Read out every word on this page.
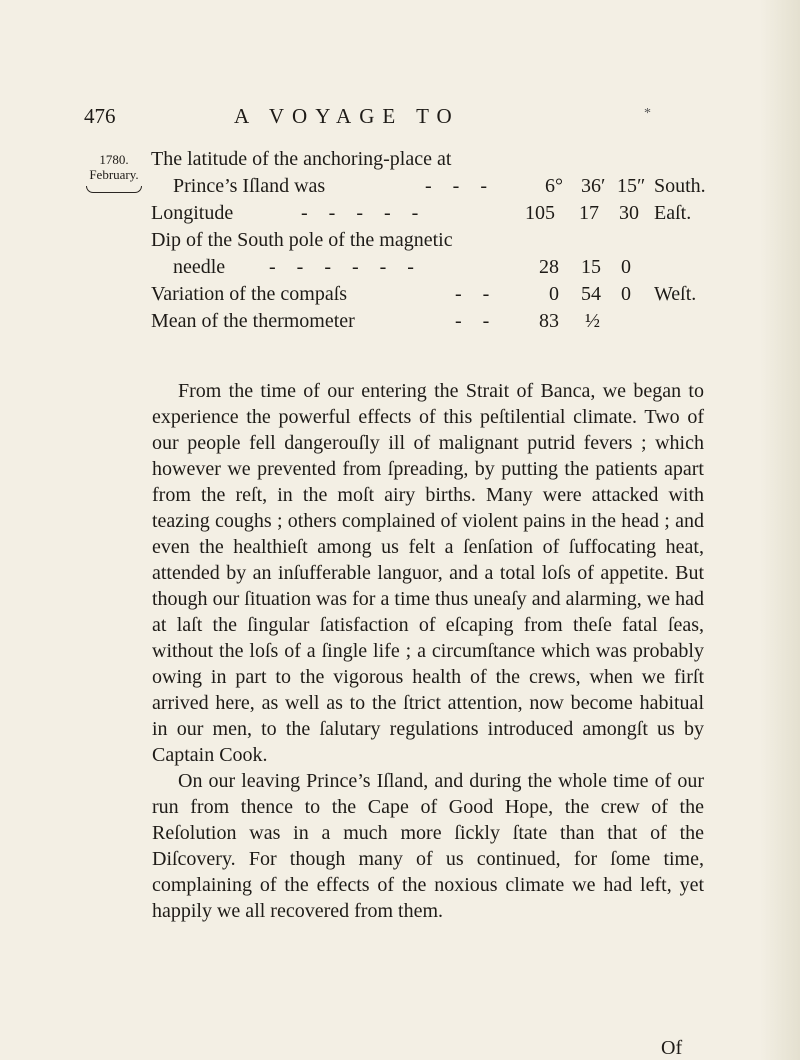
476	A VOYAGE TO	*
1780.
February.
The latitude of the anchoring-place at
Prince’s Iſland was	- - -	6° 36′ 15″ South.
Longitude	- - - - -	105 17 30 Eaſt.
Dip of the South pole of the magnetic
needle - - - - - -	28 15 0
Variation of the compaſs	- -	0 54 0 Weſt.
Mean of the thermometer	- - 83 ½

From the time of our entering the Strait of Banca, we began to experience the powerful effects of this peſtilential climate. Two of our people fell dangerouſly ill of malignant putrid fevers ; which however we prevented from ſpreading, by putting the patients apart from the reſt, in the moſt airy births. Many were attacked with teazing coughs ; others complained of violent pains in the head ; and even the healthieſt among us felt a ſenſation of ſuffocating heat, attended by an inſufferable languor, and a total loſs of appetite. But though our ſituation was for a time thus uneaſy and alarming, we had at laſt the ſingular ſatisfaction of eſcaping from theſe fatal ſeas, without the loſs of a ſingle life ; a circumſtance which was probably owing in part to the vigorous health of the crews, when we firſt arrived here, as well as to the ſtrict attention, now become habitual in our men, to the ſalutary regulations introduced amongſt us by Captain Cook.

On our leaving Prince’s Iſland, and during the whole time of our run from thence to the Cape of Good Hope, the crew of the Reſolution was in a much more ſickly ſtate than that of the Diſcovery. For though many of us continued, for ſome time, complaining of the effects of the noxious climate we had left, yet happily we all recovered from them.

Of
